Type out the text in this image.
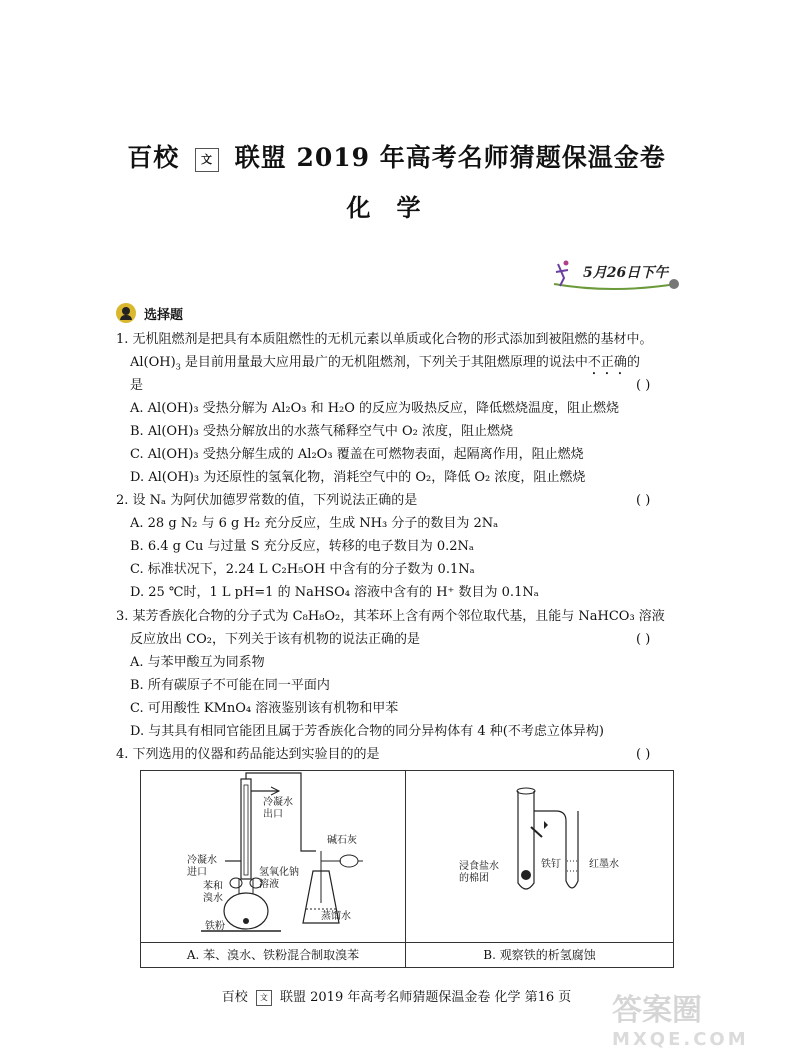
百校 文 联盟 2019 年高考名师猜题保温金卷
化学
5月26日下午
选择题
1. 无机阻燃剂是把具有本质阻燃性的无机元素以单质或化合物的形式添加到被阻燃的基材中。
$Al(OH)_3$ 是目前用量最大应用最广的无机阻燃剂，下列关于其阻燃原理的说法中不正确的
是	( )
A. Al(OH)₃ 受热分解为 Al₂O₃ 和 H₂O 的反应为吸热反应，降低燃烧温度，阻止燃烧
B. Al(OH)₃ 受热分解放出的水蒸气稀释空气中 O₂ 浓度，阻止燃烧
C. Al(OH)₃ 受热分解生成的 Al₂O₃ 覆盖在可燃物表面，起隔离作用，阻止燃烧
D. Al(OH)₃ 为还原性的氢氧化物，消耗空气中的 O₂，降低 O₂ 浓度，阻止燃烧
2. 设 Nₐ 为阿伏加德罗常数的值，下列说法正确的是	( )
A. 28 g N₂ 与 6 g H₂ 充分反应，生成 NH₃ 分子的数目为 2Nₐ
B. 6.4 g Cu 与过量 S 充分反应，转移的电子数目为 0.2Nₐ
C. 标准状况下，2.24 L C₂H₅OH 中含有的分子数为 0.1Nₐ
D. 25 ℃时，1 L pH=1 的 NaHSO₄ 溶液中含有的 H⁺ 数目为 0.1Nₐ
3. 某芳香族化合物的分子式为 C₈H₈O₂，其苯环上含有两个邻位取代基，且能与 NaHCO₃ 溶液
反应放出 CO₂，下列关于该有机物的说法正确的是	( )
A. 与苯甲酸互为同系物
B. 所有碳原子不可能在同一平面内
C. 可用酸性 KMnO₄ 溶液鉴别该有机物和甲苯
D. 与其具有相同官能团且属于芳香族化合物的同分异构体有 4 种(不考虑立体异构)
4. 下列选用的仪器和药品能达到实验目的的是	( )
冷凝水
出口
冷凝水
进口
苯和
溴水
铁粉
氢氧化钠
溶液
碱石灰
蒸馏水
浸食盐水
的棉团
铁钉	红墨水
A. 苯、溴水、铁粉混合制取溴苯	B. 观察铁的析氢腐蚀
百校 文 联盟 2019 年高考名师猜题保温金卷 化学 第16 页	答案圈
MXQE.COM
